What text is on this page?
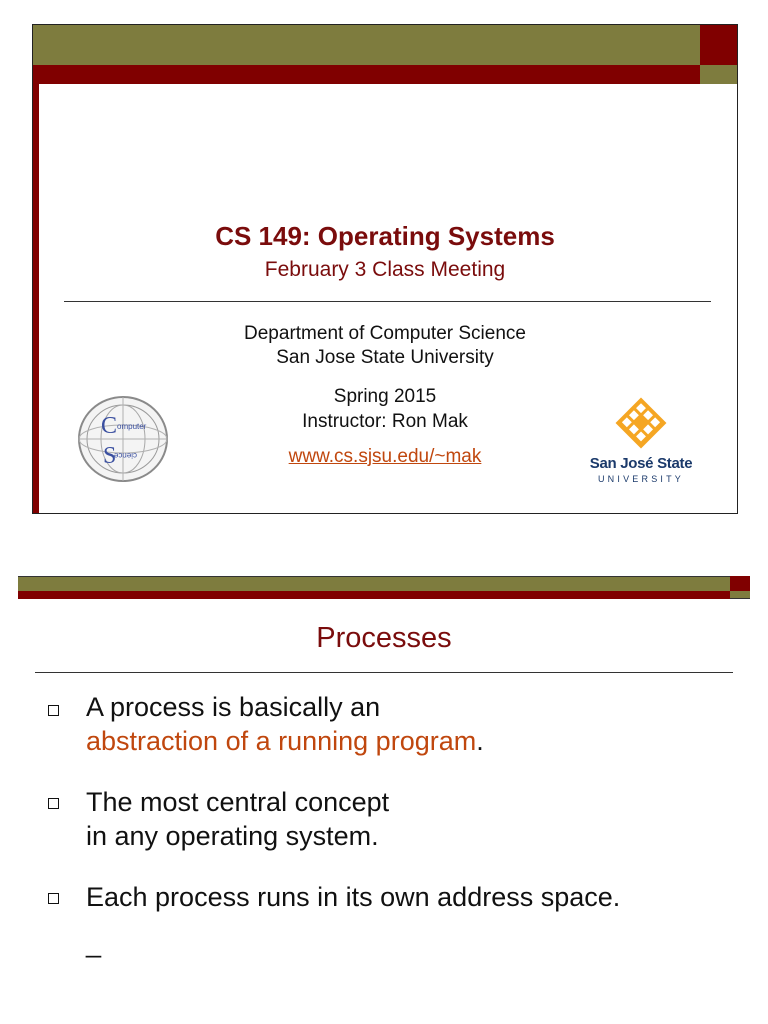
CS 149: Operating Systems
February 3 Class Meeting
Department of Computer Science
San Jose State University
Spring 2015
Instructor: Ron Mak
www.cs.sjsu.edu/~mak
C
S
omputer
cience	San José State
UNIVERSITY
Processes
A process is basically an
abstraction of a running program.
The most central concept
in any operating system.
Each process runs in its own address space.
_
